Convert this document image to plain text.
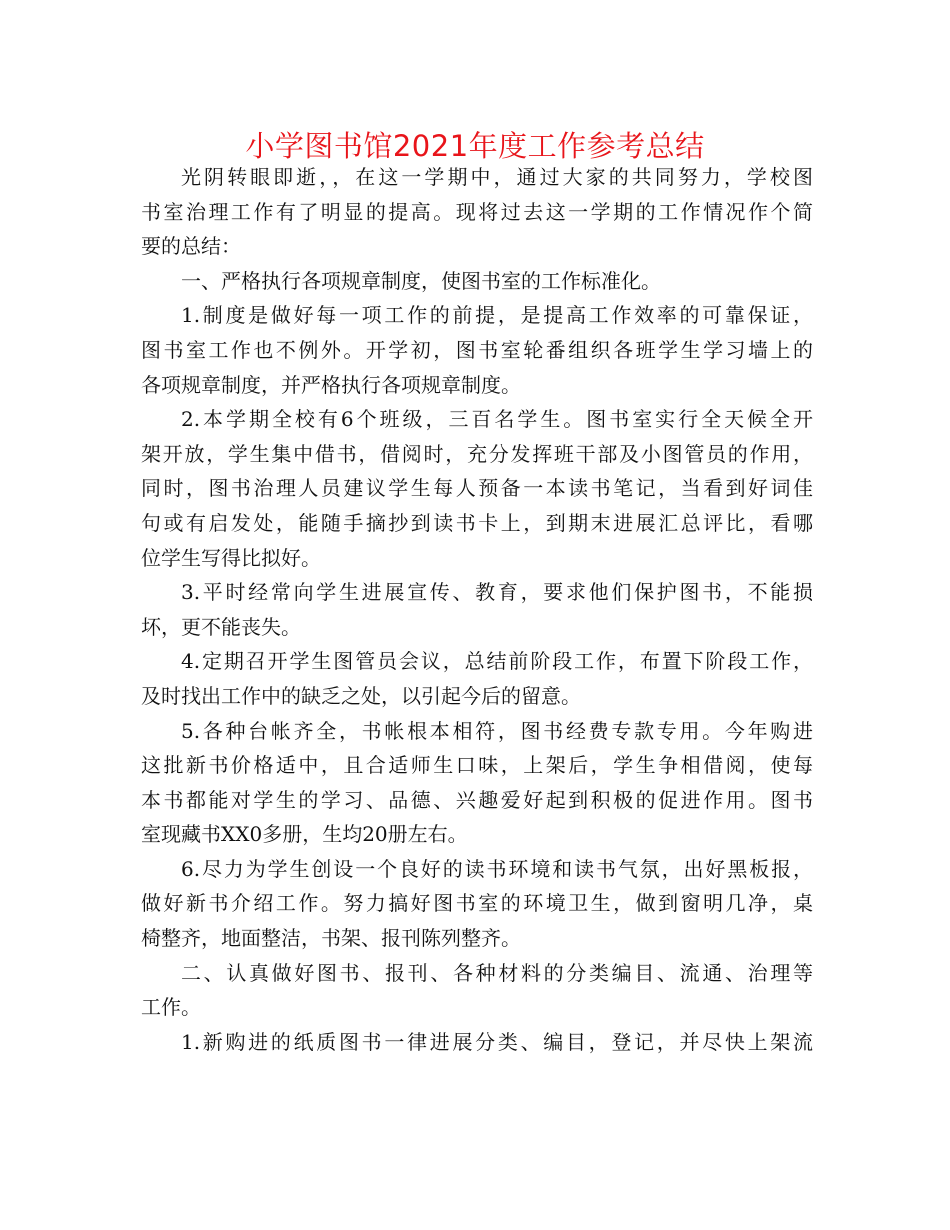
小学图书馆2021年度工作参考总结
光阴转眼即逝，，在这一学期中，通过大家的共同努力，学校图
书室治理工作有了明显的提高。现将过去这一学期的工作情况作个简
要的总结：
一、严格执行各项规章制度，使图书室的工作标准化。
1.制度是做好每一项工作的前提，是提高工作效率的可靠保证，
图书室工作也不例外。开学初，图书室轮番组织各班学生学习墙上的
各项规章制度，并严格执行各项规章制度。
2.本学期全校有6个班级，三百名学生。图书室实行全天候全开
架开放，学生集中借书，借阅时，充分发挥班干部及小图管员的作用，
同时，图书治理人员建议学生每人预备一本读书笔记，当看到好词佳
句或有启发处，能随手摘抄到读书卡上，到期末进展汇总评比，看哪
位学生写得比拟好。
3.平时经常向学生进展宣传、教育，要求他们保护图书，不能损
坏，更不能丧失。
4.定期召开学生图管员会议，总结前阶段工作，布置下阶段工作，
及时找出工作中的缺乏之处，以引起今后的留意。
5.各种台帐齐全，书帐根本相符，图书经费专款专用。今年购进
这批新书价格适中，且合适师生口味，上架后，学生争相借阅，使每
本书都能对学生的学习、品德、兴趣爱好起到积极的促进作用。图书
室现藏书XX0多册，生均20册左右。
6.尽力为学生创设一个良好的读书环境和读书气氛，出好黑板报，
做好新书介绍工作。努力搞好图书室的环境卫生，做到窗明几净，桌
椅整齐，地面整洁，书架、报刊陈列整齐。
二、认真做好图书、报刊、各种材料的分类编目、流通、治理等
工作。
1.新购进的纸质图书一律进展分类、编目，登记，并尽快上架流
